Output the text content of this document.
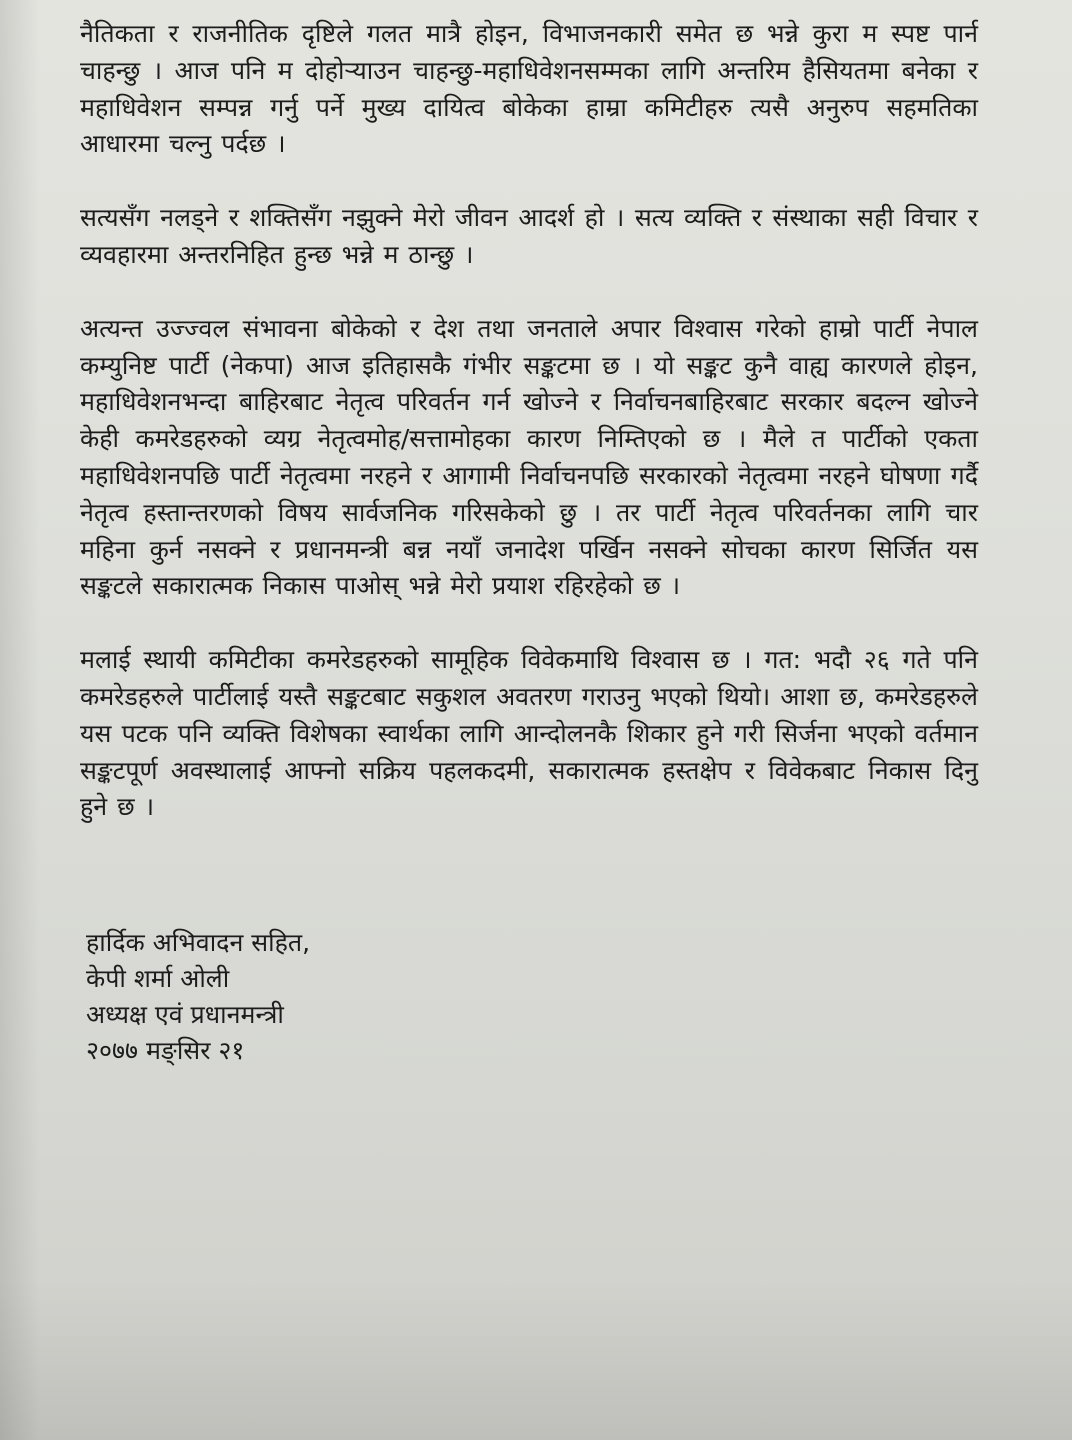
नैतिकता र राजनीतिक दृष्टिले गलत मात्रै होइन, विभाजनकारी समेत छ भन्ने कुरा म स्पष्ट पार्न चाहन्छु । आज पनि म दोहोऱ्याउन चाहन्छु-महाधिवेशनसम्मका लागि अन्तरिम हैसियतमा बनेका र महाधिवेशन सम्पन्न गर्नु पर्ने मुख्य दायित्व बोकेका हाम्रा कमिटीहरु त्यसै अनुरुप सहमतिका आधारमा चल्नु पर्दछ ।

सत्यसँग नलड्ने र शक्तिसँग नझुक्ने मेरो जीवन आदर्श हो । सत्य व्यक्ति र संस्थाका सही विचार र व्यवहारमा अन्तरनिहित हुन्छ भन्ने म ठान्छु ।

अत्यन्त उज्ज्वल संभावना बोकेको र देश तथा जनताले अपार विश्वास गरेको हाम्रो पार्टी नेपाल कम्युनिष्ट पार्टी (नेकपा) आज इतिहासकै गंभीर सङ्कटमा छ । यो सङ्कट कुनै वाह्य कारणले होइन, महाधिवेशनभन्दा बाहिरबाट नेतृत्व परिवर्तन गर्न खोज्ने र निर्वाचनबाहिरबाट सरकार बदल्न खोज्ने केही कमरेडहरुको व्यग्र नेतृत्वमोह/सत्तामोहका कारण निम्तिएको छ । मैले त पार्टीको एकता महाधिवेशनपछि पार्टी नेतृत्वमा नरहने र आगामी निर्वाचनपछि सरकारको नेतृत्वमा नरहने घोषणा गर्दै नेतृत्व हस्तान्तरणको विषय सार्वजनिक गरिसकेको छु । तर पार्टी नेतृत्व परिवर्तनका लागि चार महिना कुर्न नसक्ने र प्रधानमन्त्री बन्न नयाँ जनादेश पर्खिन नसक्ने सोचका कारण सिर्जित यस सङ्कटले सकारात्मक निकास पाओस् भन्ने मेरो प्रयाश रहिरहेको छ ।

मलाई स्थायी कमिटीका कमरेडहरुको सामूहिक विवेकमाथि विश्वास छ । गत: भदौ २६ गते पनि कमरेडहरुले पार्टीलाई यस्तै सङ्कटबाट सकुशल अवतरण गराउनु भएको थियो। आशा छ, कमरेडहरुले यस पटक पनि व्यक्ति विशेषका स्वार्थका लागि आन्दोलनकै शिकार हुने गरी सिर्जना भएको वर्तमान सङ्कटपूर्ण अवस्थालाई आफ्नो सक्रिय पहलकदमी, सकारात्मक हस्तक्षेप र विवेकबाट निकास दिनु हुने छ ।

हार्दिक अभिवादन सहित,
केपी शर्मा ओली
अध्यक्ष एवं प्रधानमन्त्री
२०७७ मङ्सिर २१
